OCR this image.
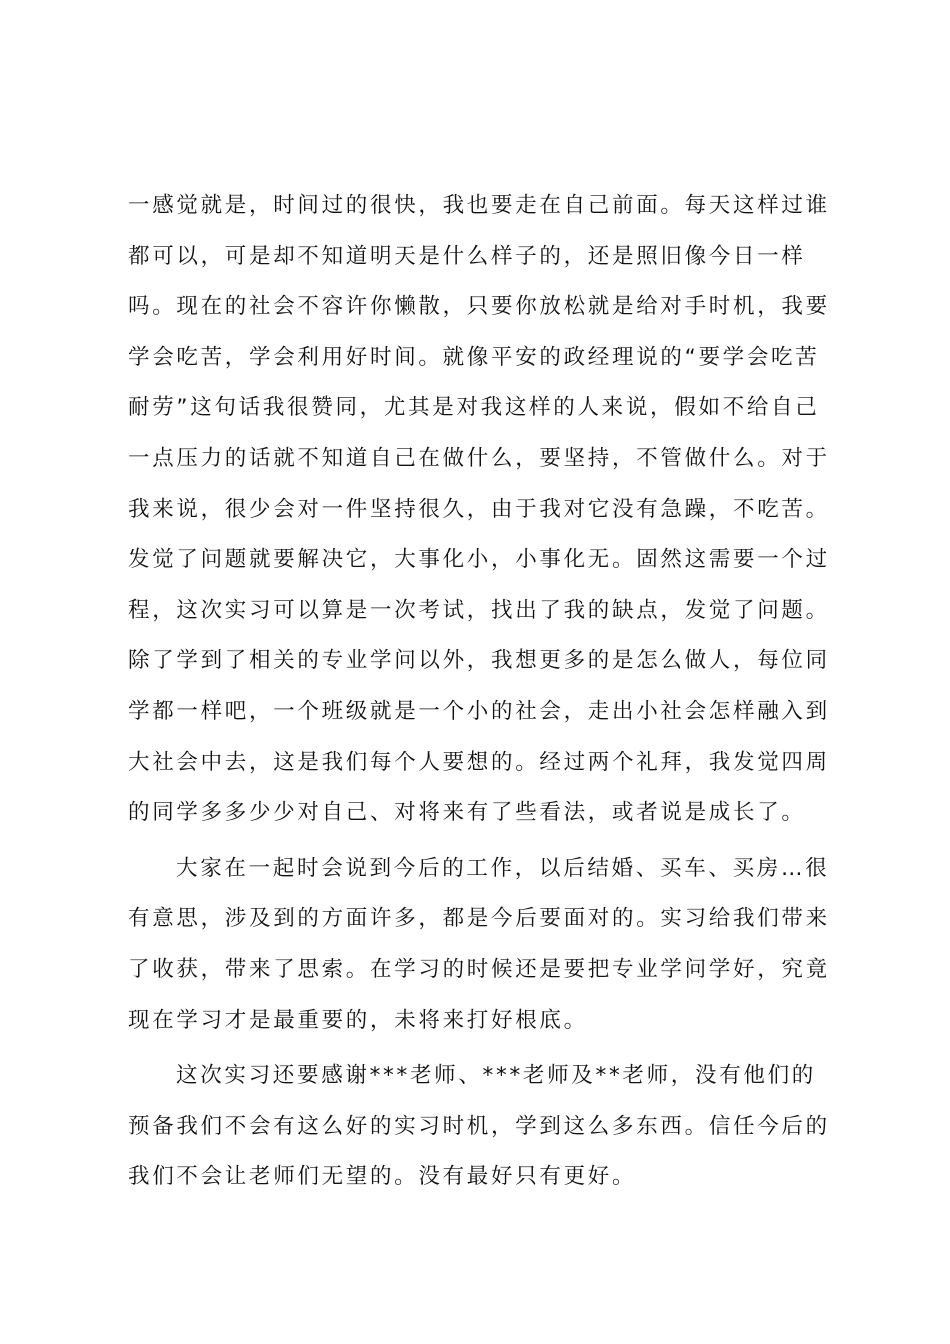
一感觉就是，时间过的很快，我也要走在自己前面。每天这样过谁都可以，可是却不知道明天是什么样子的，还是照旧像今日一样吗。现在的社会不容许你懒散，只要你放松就是给对手时机，我要学会吃苦，学会利用好时间。就像平安的政经理说的“要学会吃苦耐劳”这句话我很赞同，尤其是对我这样的人来说，假如不给自己一点压力的话就不知道自己在做什么，要坚持，不管做什么。对于我来说，很少会对一件坚持很久，由于我对它没有急躁，不吃苦。发觉了问题就要解决它，大事化小，小事化无。固然这需要一个过程，这次实习可以算是一次考试，找出了我的缺点，发觉了问题。除了学到了相关的专业学问以外，我想更多的是怎么做人，每位同学都一样吧，一个班级就是一个小的社会，走出小社会怎样融入到大社会中去，这是我们每个人要想的。经过两个礼拜，我发觉四周的同学多多少少对自己、对将来有了些看法，或者说是成长了。

大家在一起时会说到今后的工作，以后结婚、买车、买房…很有意思，涉及到的方面许多，都是今后要面对的。实习给我们带来了收获，带来了思索。在学习的时候还是要把专业学问学好，究竟现在学习才是最重要的，未将来打好根底。

这次实习还要感谢***老师、***老师及**老师，没有他们的预备我们不会有这么好的实习时机，学到这么多东西。信任今后的我们不会让老师们无望的。没有最好只有更好。
